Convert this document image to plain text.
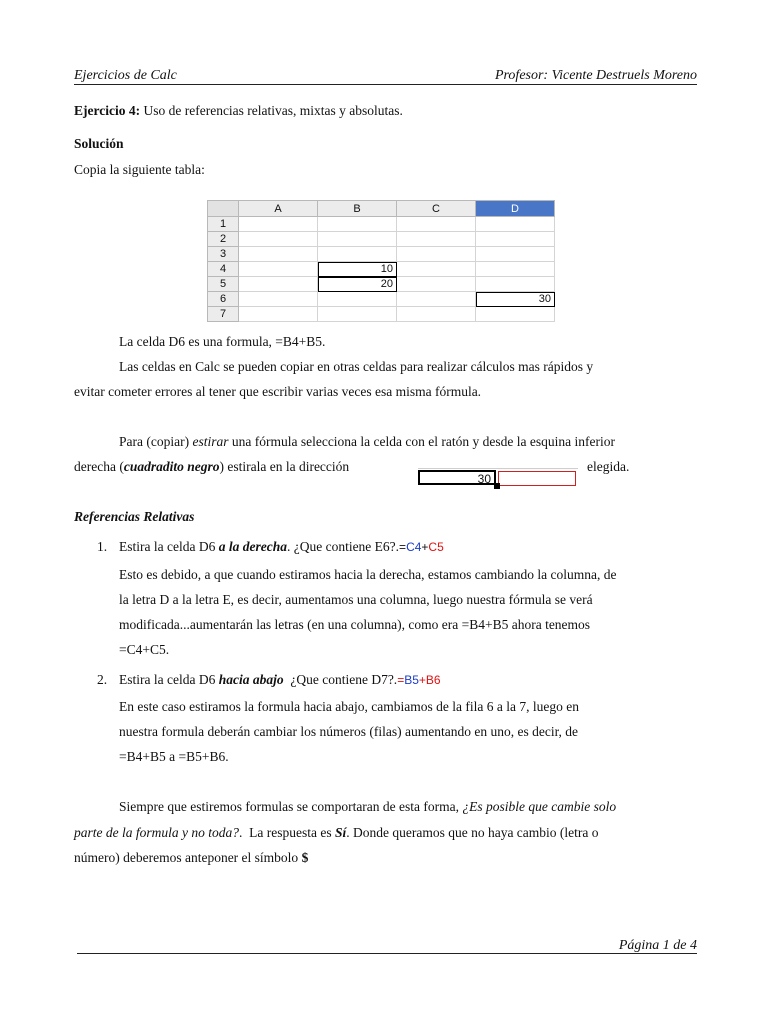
Ejercicios de Calc	Profesor: Vicente Destruels Moreno
Ejercicio 4: Uso de referencias relativas, mixtas y absolutas.
Solución
Copia la siguiente tabla:
	A	B	C	D
1				
2				
3				
4		10		
5		20		
6				30
7				
La celda D6 es una formula, =B4+B5.
Las celdas en Calc se pueden copiar en otras celdas para realizar cálculos mas rápidos y
evitar cometer errores al tener que escribir varias veces esa misma fórmula.
Para (copiar) estirar una fórmula selecciona la celda con el ratón y desde la esquina inferior
derecha (cuadradito negro) estirala en la dirección
30
elegida.
Referencias Relativas
1. Estira la celda D6 a la derecha. ¿Que contiene E6?.=C4+C5
Esto es debido, a que cuando estiramos hacia la derecha, estamos cambiando la columna, de
la letra D a la letra E, es decir, aumentamos una columna, luego nuestra fórmula se verá
modificada...aumentarán las letras (en una columna), como era =B4+B5 ahora tenemos
=C4+C5.
2. Estira la celda D6 hacia abajo  ¿Que contiene D7?.=B5+B6
En este caso estiramos la formula hacia abajo, cambiamos de la fila 6 a la 7, luego en
nuestra formula deberán cambiar los números (filas) aumentando en uno, es decir, de
=B4+B5 a =B5+B6.
Siempre que estiremos formulas se comportaran de esta forma, ¿Es posible que cambie solo
parte de la formula y no toda?.  La respuesta es Sí. Donde queramos que no haya cambio (letra o
número) deberemos anteponer el símbolo $
Página 1 de 4
